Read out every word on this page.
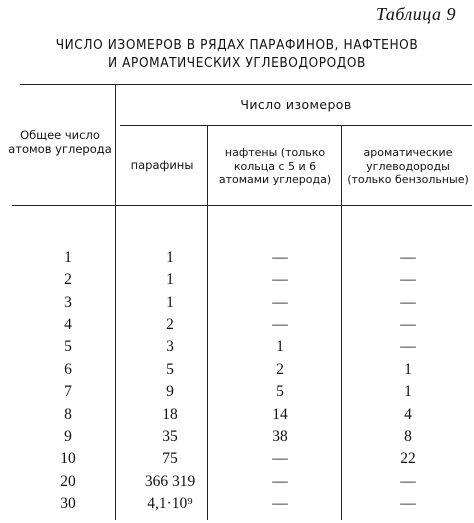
Таблица 9
ЧИСЛО ИЗОМЕРОВ В РЯДАХ ПАРАФИНОВ, НАФТЕНОВ
И АРОМАТИЧЕСКИХ УГЛЕВОДОРОДОВ
Общее число атомов углерода
Число изомеров
парафины
нафтены (только кольца с 5 и 6 атомами углерода)
ароматические углеводороды (только бензольные)
1	1	—	—
2	1	—	—
3	1	—	—
4	2	—	—
5	3	1	—
6	5	2	1
7	9	5	1
8	18	14	4
9	35	38	8
10	75	—	22
20	366 319	—	—
30	4,1·10⁹	—	—
